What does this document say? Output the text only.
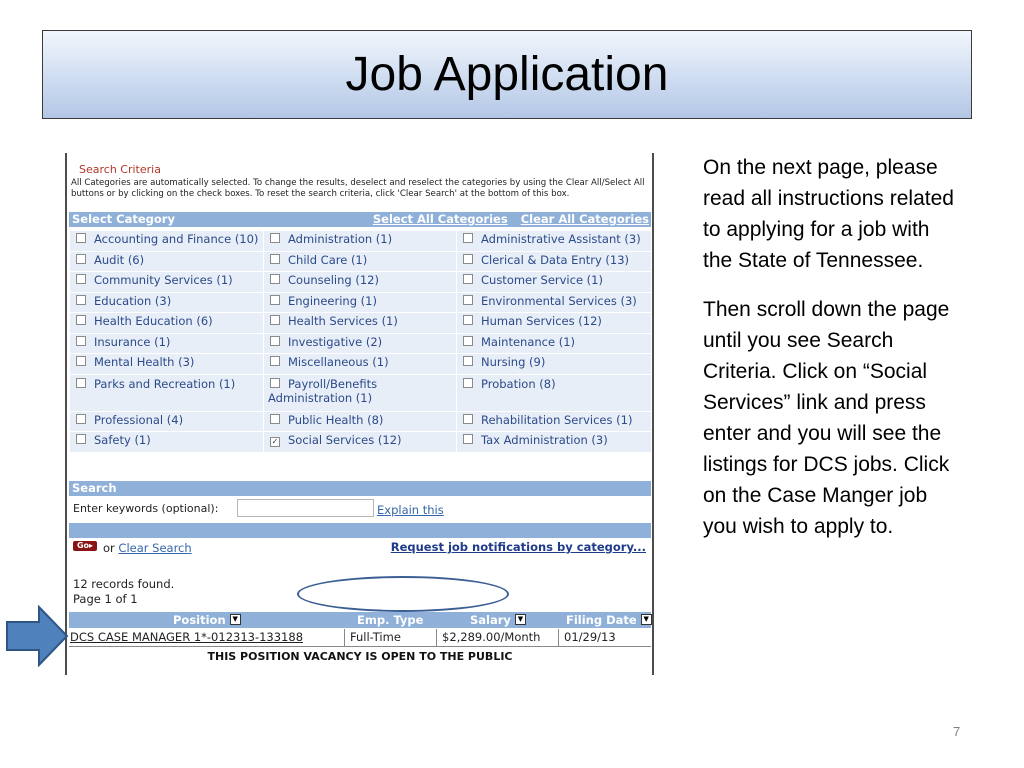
Job Application
Search Criteria
All Categories are automatically selected. To change the results, deselect and reselect the categories by using the Clear All/Select All buttons or by clicking on the check boxes. To reset the search criteria, click 'Clear Search' at the bottom of this box.
Select Category	Select All Categories Clear All Categories
Accounting and Finance (10)	Administration (1)	Administrative Assistant (3)
Audit (6)	Child Care (1)	Clerical & Data Entry (13)
Community Services (1)	Counseling (12)	Customer Service (1)
Education (3)	Engineering (1)	Environmental Services (3)
Health Education (6)	Health Services (1)	Human Services (12)
Insurance (1)	Investigative (2)	Maintenance (1)
Mental Health (3)	Miscellaneous (1)	Nursing (9)
Parks and Recreation (1)	Payroll/Benefits Administration (1)	Probation (8)
Professional (4)	Public Health (8)	Rehabilitation Services (1)
Safety (1)	✓ Social Services (12)	Tax Administration (3)
Search
Enter keywords (optional):	Explain this
Go▸ or Clear Search	Request job notifications by category...
12 records found.
Page 1 of 1
Position ▼	Emp. Type	Salary ▼	Filing Date ▼
DCS CASE MANAGER 1*-012313-133188	Full-Time	$2,289.00/Month 01/29/13
THIS POSITION VACANCY IS OPEN TO THE PUBLIC

On the next page, please read all instructions related to applying for a job with the State of Tennessee.

Then scroll down the page until you see Search Criteria. Click on “Social Services” link and press enter and you will see the listings for DCS jobs. Click on the Case Manger job you wish to apply to.

7
